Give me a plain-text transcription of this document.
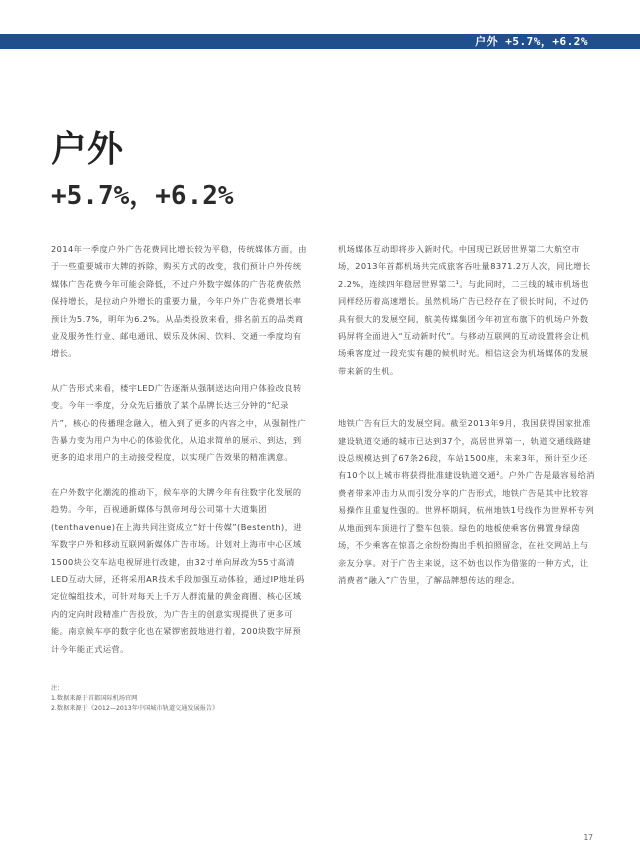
户外 +5.7%，+6.2%
户外
+5.7%，+6.2%

2014年一季度户外广告花费同比增长较为平稳，传统媒体方面，由于一些重要城市大牌的拆除，购买方式的改变，我们预计户外传统媒体广告花费今年可能会降低，不过户外数字媒体的广告花费依然保持增长，是拉动户外增长的重要力量，今年户外广告花费增长率预计为5.7%，明年为6.2%。从品类投放来看，排名前五的品类商业及服务性行业、邮电通讯、娱乐及休闲、饮料、交通一季度均有增长。

从广告形式来看，楼宇LED广告逐渐从强制送达向用户体验改良转变。今年一季度，分众先后播放了某个品牌长达三分钟的“纪录片”，核心的传播理念融入，植入到了更多的内容之中，从强制性广告暴力变为用户为中心的体验优化，从追求简单的展示、到达，到更多的追求用户的主动接受程度，以实现广告效果的精准满意。

在户外数字化潮流的推动下，候车亭的大牌今年有往数字化发展的趋势。今年，百视通新媒体与凯帝珂母公司第十大道集团(tenthavenue)在上海共同注资成立“好十传媒”(Bestenth)，进军数字户外和移动互联网新媒体广告市场。计划对上海市中心区域1500块公交车站电视屏进行改建，由32寸单向屏改为55寸高清LED互动大屏，还将采用AR技术手段加强互动体验，通过IP地址码定位编组技术，可针对每天上千万人群流量的黄金商圈、核心区域内的定向时段精准广告投放，为广告主的创意实现提供了更多可能。南京候车亭的数字化也在紧锣密鼓地进行着，200块数字屏预计今年能正式运营。

机场媒体互动即将步入新时代。中国现已跃居世界第二大航空市场，2013年首都机场共完成旅客吞吐量8371.2万人次，同比增长2.2%，连续四年稳居世界第二¹。与此同时，二三线的城市机场也同样经历着高速增长。虽然机场广告已经存在了很长时间，不过仍具有很大的发展空间，航美传媒集团今年初宣布旗下的机场户外数码屏将全面进入“互动新时代”。与移动互联网的互动设置将会让机场乘客度过一段充实有趣的候机时光。相信这会为机场媒体的发展带来新的生机。

地铁广告有巨大的发展空间。截至2013年9月，我国获得国家批准建设轨道交通的城市已达到37个，高居世界第一，轨道交通线路建设总规模达到了67条26段，车站1500座，未来3年，预计至少还有10个以上城市将获得批准建设轨道交通²。户外广告是最容易给消费者带来冲击力从而引发分享的广告形式，地铁广告是其中比较容易操作且重复性强的。世界杯期间，杭州地铁1号线作为世界杯专列从地面到车顶进行了整车包装。绿色的地板使乘客仿佛置身绿茵场，不少乘客在惊喜之余纷纷掏出手机拍照留念，在社交网站上与亲友分享。对于广告主来说，这不妨也以作为借鉴的一种方式，让消费者“融入”广告里，了解品牌想传达的理念。

注：
1.数据来源于首都国际机场官网
2.数据来源于《2012—2013年中国城市轨道交通发展报告》
17
